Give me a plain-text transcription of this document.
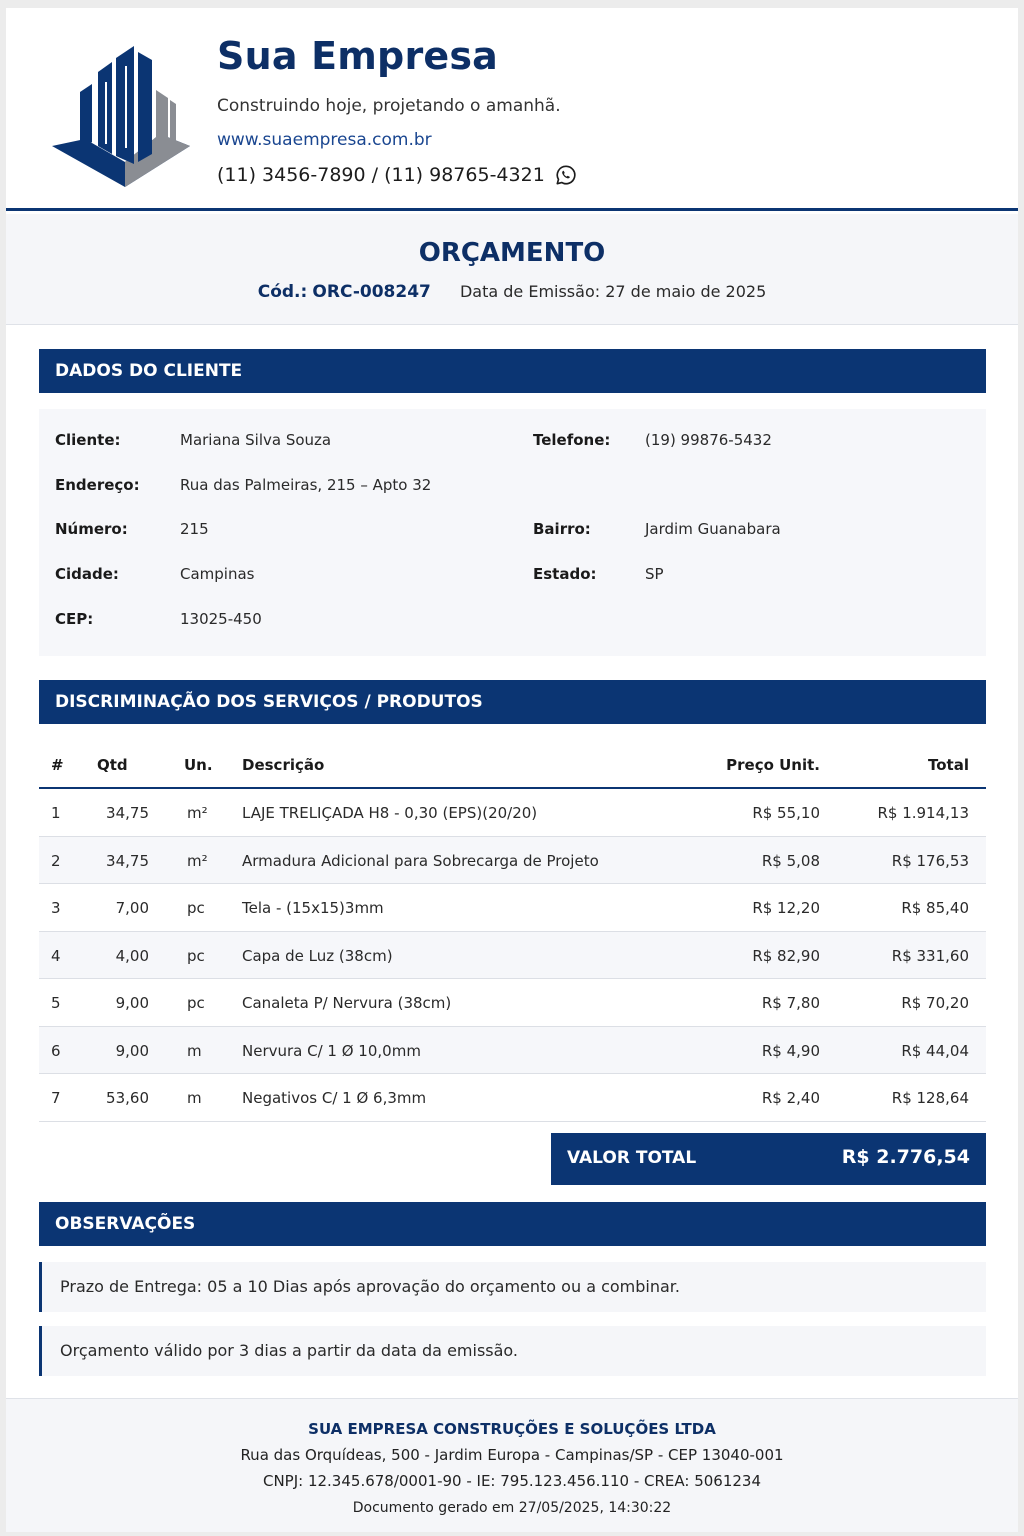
Sua Empresa
Construindo hoje, projetando o amanhã.
www.suaempresa.com.br
(11) 3456-7890 / (11) 98765-4321
ORÇAMENTO
Cód.: ORC-008247 Data de Emissão: 27 de maio de 2025
DADOS DO CLIENTE
Cliente:	Mariana Silva Souza	Telefone: (19) 99876-5432
Endereço:	Rua das Palmeiras, 215 – Apto 32
Número:	215	Bairro:	Jardim Guanabara
Cidade:	Campinas	Estado:	SP
CEP:	13025-450
DISCRIMINAÇÃO DOS SERVIÇOS / PRODUTOS
# Qtd	Un. Descrição	Preço Unit.	Total
1	34,75	m² LAJE TRELIÇADA H8 - 0,30 (EPS)(20/20)	R$ 55,10	R$ 1.914,13
2	34,75	m² Armadura Adicional para Sobrecarga de Projeto	R$ 5,08	R$ 176,53
3	7,00	pc Tela - (15x15)3mm	R$ 12,20	R$ 85,40
4	4,00	pc Capa de Luz (38cm)	R$ 82,90	R$ 331,60
5	9,00	pc Canaleta P/ Nervura (38cm)	R$ 7,80	R$ 70,20
6	9,00	m	Nervura C/ 1 Ø 10,0mm	R$ 4,90	R$ 44,04
7	53,60	m	Negativos C/ 1 Ø 6,3mm	R$ 2,40	R$ 128,64
VALOR TOTAL	R$ 2.776,54
OBSERVAÇÕES
Prazo de Entrega: 05 a 10 Dias após aprovação do orçamento ou a combinar.
Orçamento válido por 3 dias a partir da data da emissão.
SUA EMPRESA CONSTRUÇÕES E SOLUÇÕES LTDA
Rua das Orquídeas, 500 - Jardim Europa - Campinas/SP - CEP 13040-001
CNPJ: 12.345.678/0001-90 - IE: 795.123.456.110 - CREA: 5061234
Documento gerado em 27/05/2025, 14:30:22
